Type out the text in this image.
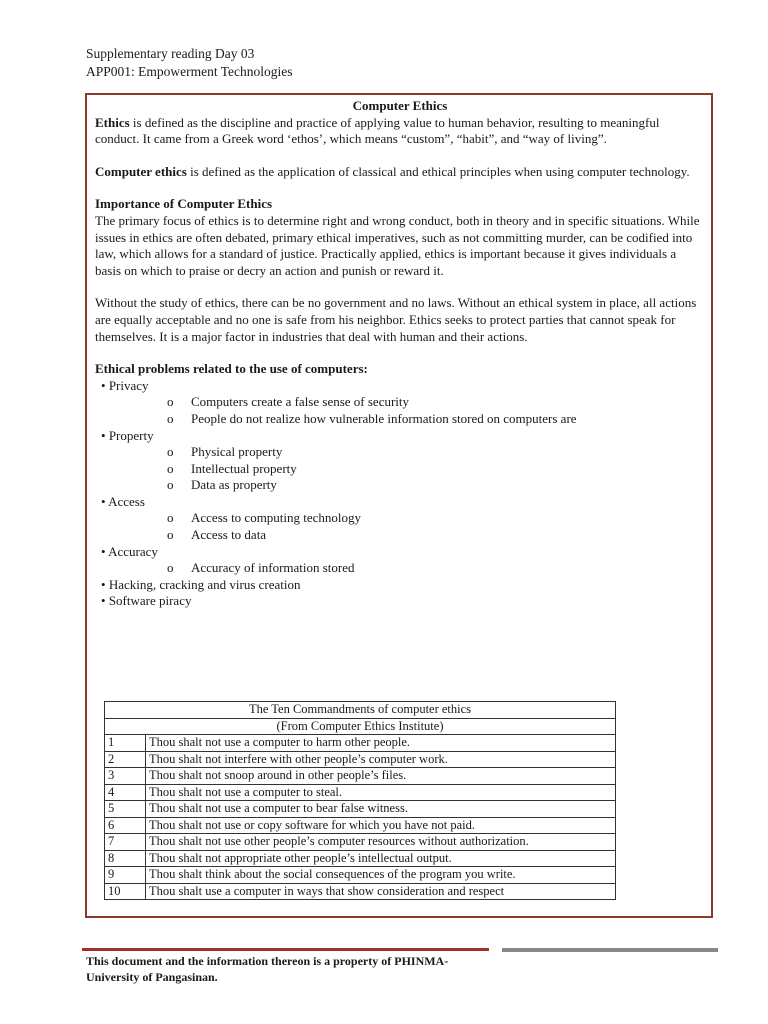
Supplementary reading Day 03
APP001: Empowerment Technologies

Computer Ethics

Ethics is defined as the discipline and practice of applying value to human behavior, resulting to meaningful conduct. It came from a Greek word ‘ethos’, which means “custom”, “habit”, and “way of living”.

Computer ethics is defined as the application of classical and ethical principles when using computer technology.

Importance of Computer Ethics

The primary focus of ethics is to determine right and wrong conduct, both in theory and in specific situations. While issues in ethics are often debated, primary ethical imperatives, such as not committing murder, can be codified into law, which allows for a standard of justice. Practically applied, ethics is important because it gives individuals a basis on which to praise or decry an action and punish or reward it.

Without the study of ethics, there can be no government and no laws. Without an ethical system in place, all actions are equally acceptable and no one is safe from his neighbor. Ethics seeks to protect parties that cannot speak for themselves. It is a major factor in industries that deal with human and their actions.

Ethical problems related to the use of computers:

• Privacy
o Computers create a false sense of security
o People do not realize how vulnerable information stored on computers are
• Property
o Physical property
o Intellectual property
o Data as property
• Access
o Access to computing technology
o Access to data
• Accuracy
o Accuracy of information stored
• Hacking, cracking and virus creation
• Software piracy
The Ten Commandments of computer ethics	
(From Computer Ethics Institute)	
1	Thou shalt not use a computer to harm other people.
2	Thou shalt not interfere with other people’s computer work.
3	Thou shalt not snoop around in other people’s files.
4	Thou shalt not use a computer to steal.
5	Thou shalt not use a computer to bear false witness.
6	Thou shalt not use or copy software for which you have not paid.
7	Thou shalt not use other people’s computer resources without authorization.
8	Thou shalt not appropriate other people’s intellectual output.
9	Thou shalt think about the social consequences of the program you write.
10	Thou shalt use a computer in ways that show consideration and respect
This document and the information thereon is a property of PHINMA-
University of Pangasinan.
